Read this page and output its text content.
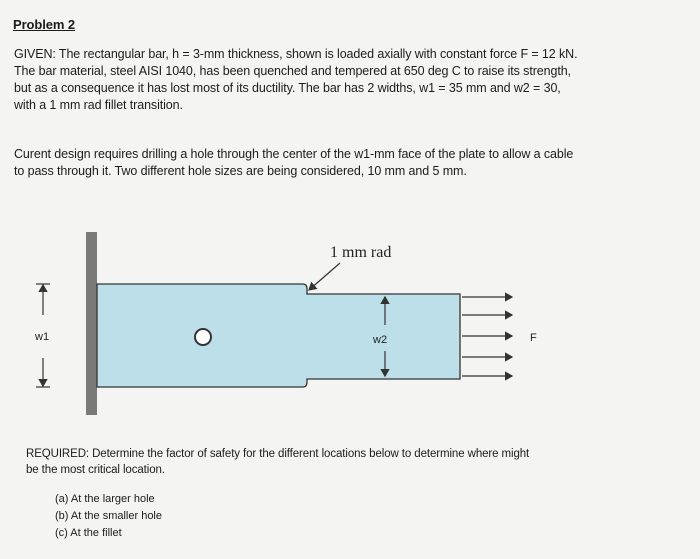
Problem 2
GIVEN: The rectangular bar, h = 3-mm thickness, shown is loaded axially with constant force F = 12 kN.
The bar material, steel AISI 1040, has been quenched and tempered at 650 deg C to raise its strength,
but as a consequence it has lost most of its ductility. The bar has 2 widths, w1 = 35 mm and w2 = 30,
with a 1 mm rad fillet transition.
Curent design requires drilling a hole through the center of the w1-mm face of the plate to allow a cable
to pass through it. Two different hole sizes are being considered, 10 mm and 5 mm.
1 mm rad
w1	w2	F
REQUIRED: Determine the factor of safety for the different locations below to determine where might
be the most critical location.
(a) At the larger hole
(b) At the smaller hole
(c) At the fillet
